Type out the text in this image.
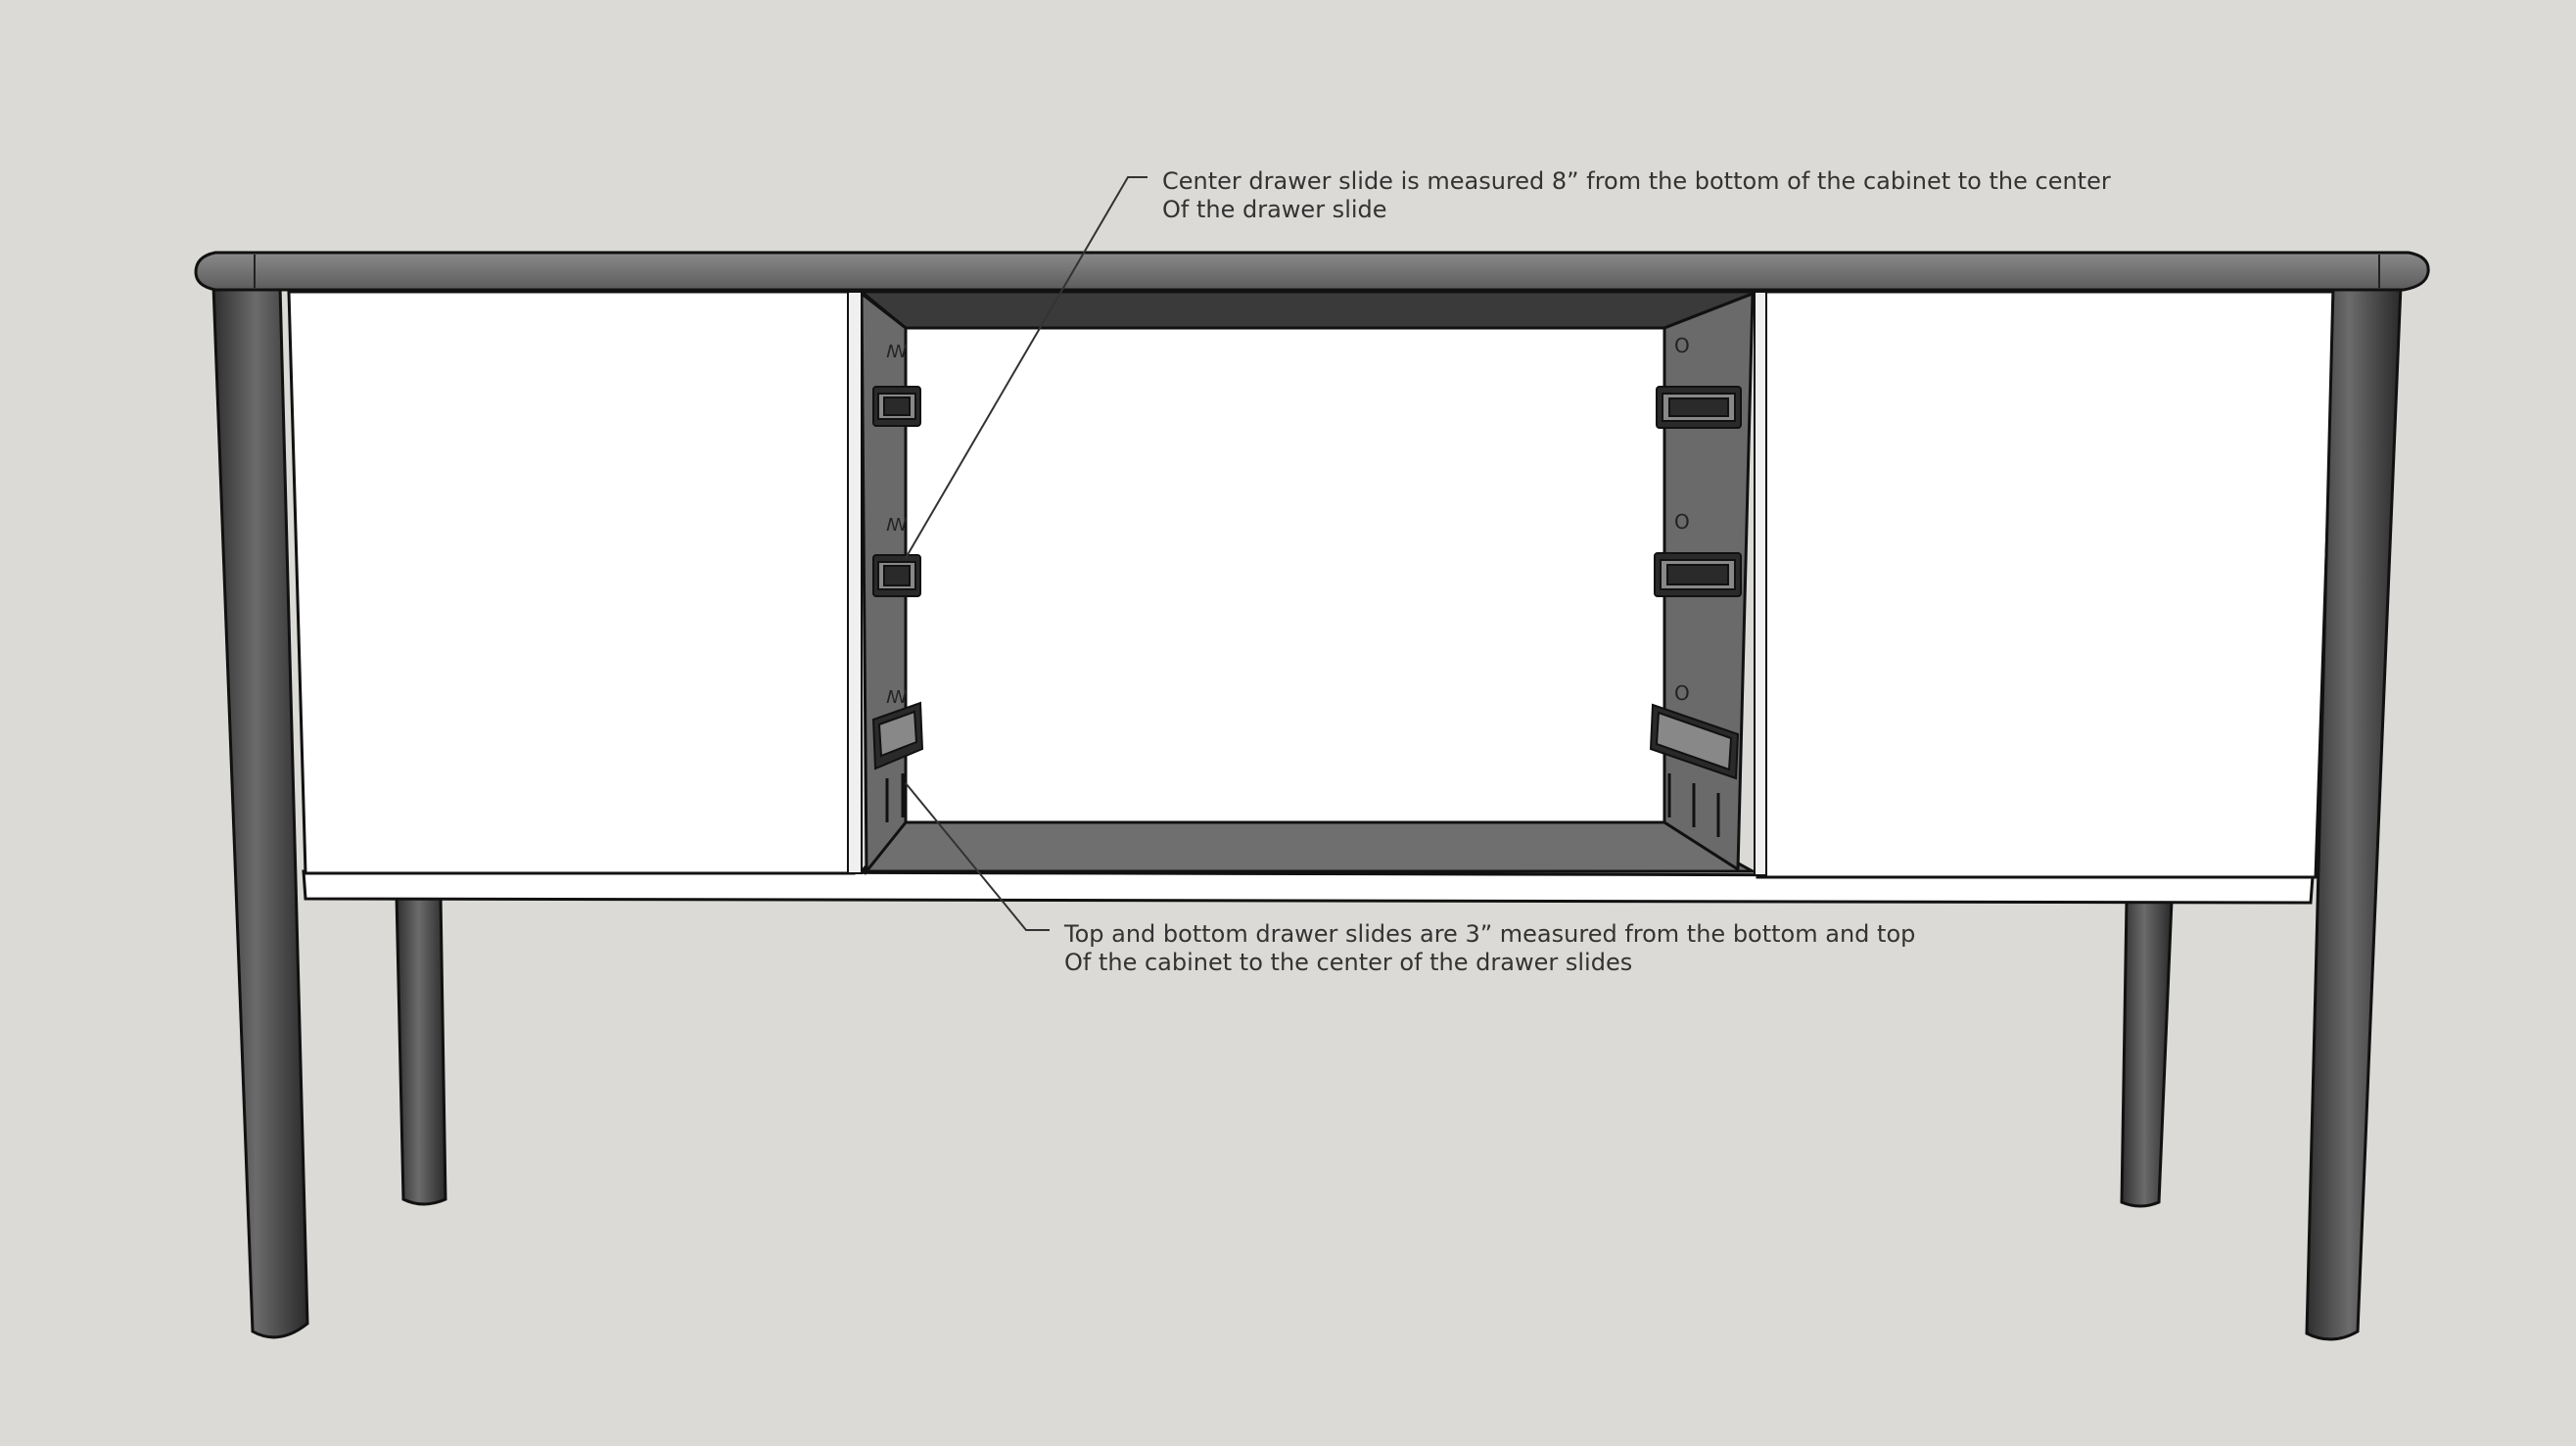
ꟿ
ꟿ
ꟿ
O
O
O
Center drawer slide is measured 8” from the bottom of the cabinet to the center
Of the drawer slide
Top and bottom drawer slides are 3” measured from the bottom and top
Of the cabinet to the center of the drawer slides
